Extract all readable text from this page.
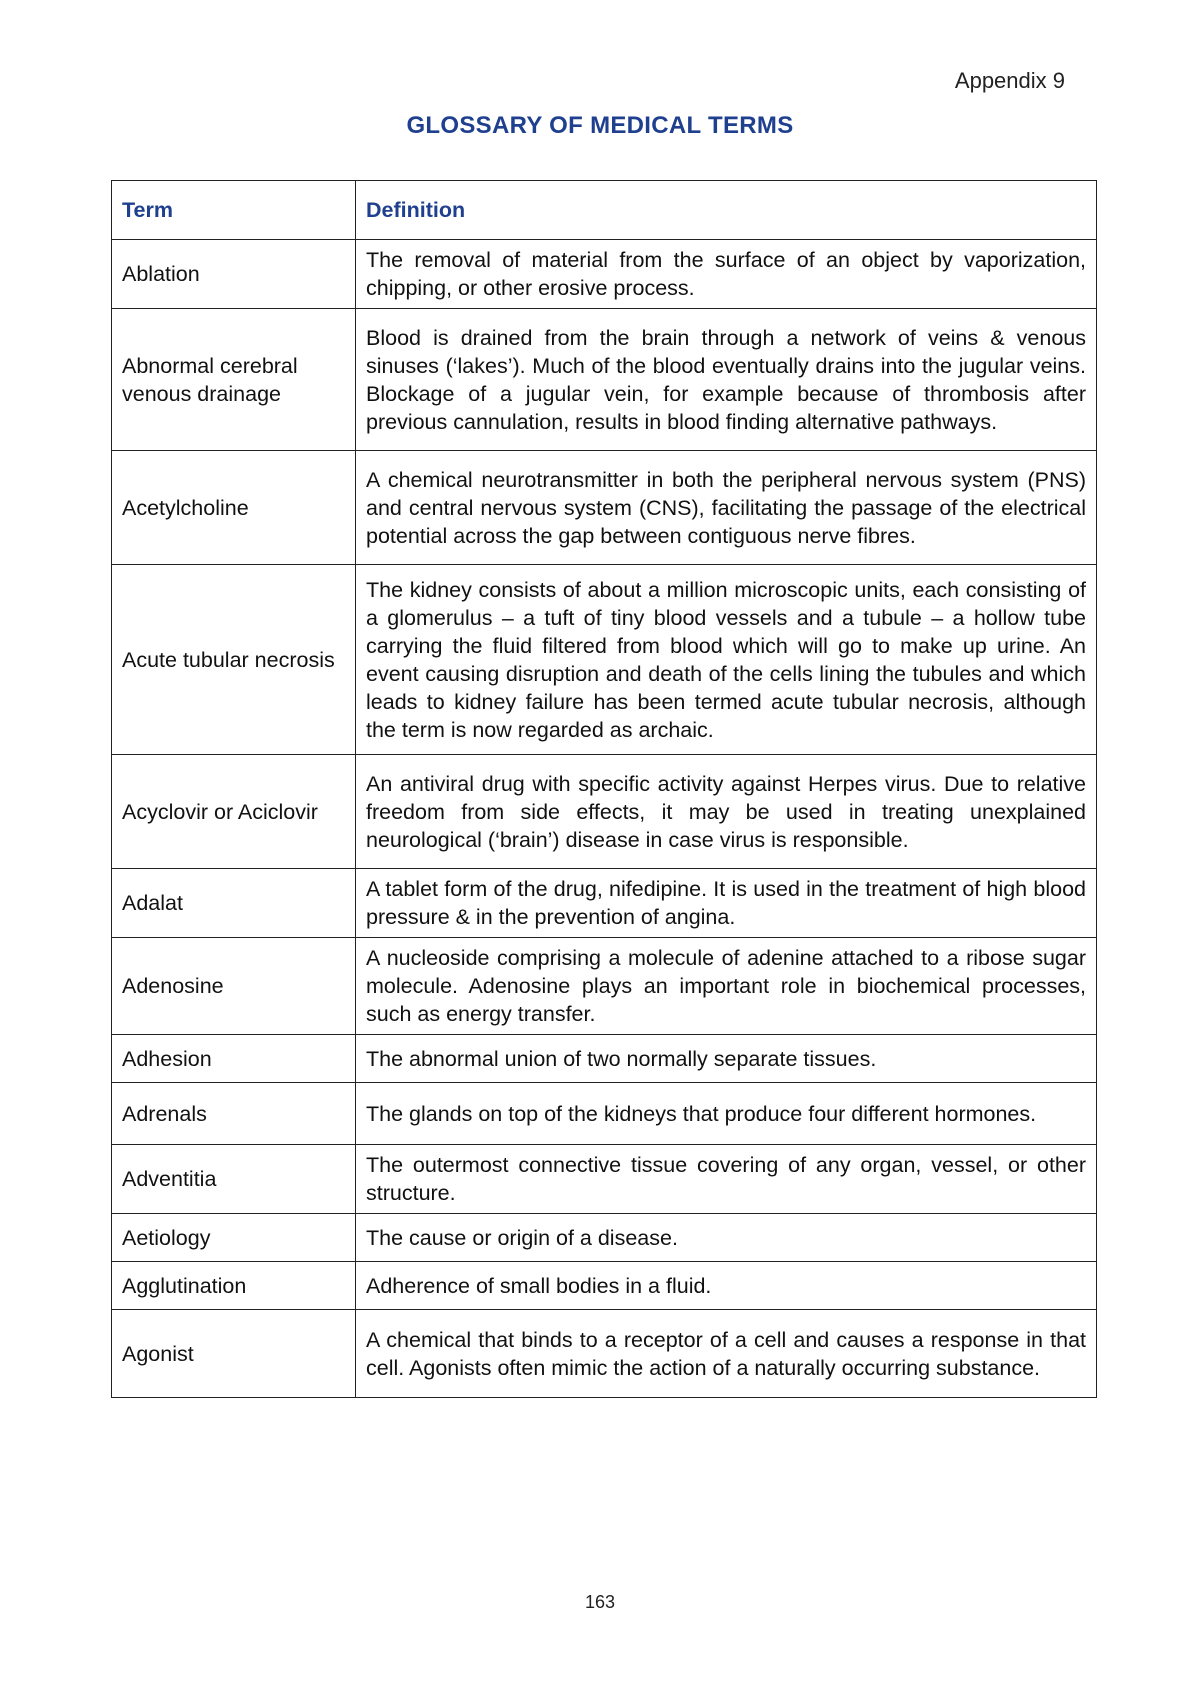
Appendix 9
GLOSSARY OF MEDICAL TERMS
Term	Definition
Ablation	The removal of material from the surface of an object by vaporization, chipping, or other erosive process.
Abnormal cerebral venous drainage	Blood is drained from the brain through a network of veins & venous sinuses (‘lakes’). Much of the blood eventually drains into the jugular veins. Blockage of a jugular vein, for example because of thrombosis after previous cannulation, results in blood finding alternative pathways.
Acetylcholine	A chemical neurotransmitter in both the peripheral nervous system (PNS) and central nervous system (CNS), facilitating the passage of the electrical potential across the gap between contiguous nerve fibres.
Acute tubular necrosis	The kidney consists of about a million microscopic units, each consisting of a glomerulus – a tuft of tiny blood vessels and a tubule – a hollow tube carrying the fluid filtered from blood which will go to make up urine. An event causing disruption and death of the cells lining the tubules and which leads to kidney failure has been termed acute tubular necrosis, although the term is now regarded as archaic.
Acyclovir or Aciclovir	An antiviral drug with specific activity against Herpes virus. Due to relative freedom from side effects, it may be used in treating unexplained neurological (‘brain’) disease in case virus is responsible.
Adalat	A tablet form of the drug, nifedipine. It is used in the treatment of high blood pressure & in the prevention of angina.
Adenosine	A nucleoside comprising a molecule of adenine attached to a ribose sugar molecule. Adenosine plays an important role in biochemical processes, such as energy transfer.
Adhesion	The abnormal union of two normally separate tissues.
Adrenals	The glands on top of the kidneys that produce four different hormones.
Adventitia	The outermost connective tissue covering of any organ, vessel, or other structure.
Aetiology	The cause or origin of a disease.
Agglutination	Adherence of small bodies in a fluid.
Agonist	A chemical that binds to a receptor of a cell and causes a response in that cell. Agonists often mimic the action of a naturally occurring substance.
163
